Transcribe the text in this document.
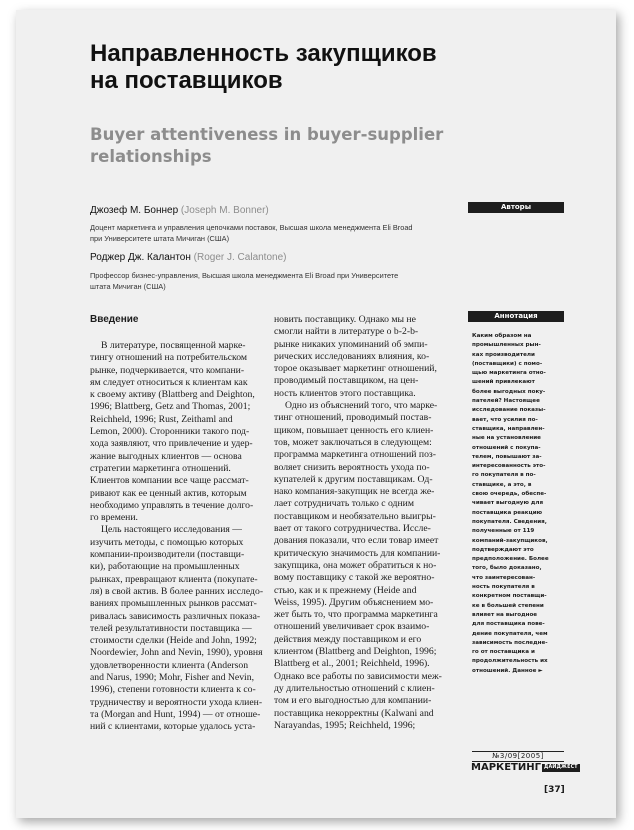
Направленность закупщиков
на поставщиков
Buyer attentiveness in buyer-supplier
relationships
Авторы
Джозеф М. Боннер (Joseph M. Bonner)
Доцент маркетинга и управления цепочками поставок, Высшая школа менеджмента Eli Broad
при Университете штата Мичиган (США)
Роджер Дж. Калантон (Roger J. Calantone)
Профессор бизнес-управления, Высшая школа менеджмента Eli Broad при Университете
штата Мичиган (США)
Введение
В литературе, посвященной марке-
тингу отношений на потребительском
рынке, подчеркивается, что компани-
ям следует относиться к клиентам как
к своему активу (Blattberg and Deighton,
1996; Blattberg, Getz and Thomas, 2001;
Reichheld, 1996; Rust, Zeithaml and
Lemon, 2000). Сторонники такого под-
хода заявляют, что привлечение и удер-
жание выгодных клиентов — основа
стратегии маркетинга отношений.
Клиентов компании все чаще рассмат-
ривают как ее ценный актив, которым
необходимо управлять в течение долго-
го времени.
Цель настоящего исследования —
изучить методы, с помощью которых
компании-производители (поставщи-
ки), работающие на промышленных
рынках, превращают клиента (покупате-
ля) в свой актив. В более ранних исследо-
ваниях промышленных рынков рассмат-
ривалась зависимость различных показа-
телей результативности поставщика —
стоимости сделки (Heide and John, 1992;
Noordewier, John and Nevin, 1990), уровня
удовлетворенности клиента (Anderson
and Narus, 1990; Mohr, Fisher and Nevin,
1996), степени готовности клиента к со-
трудничеству и вероятности ухода клиен-
та (Morgan and Hunt, 1994) — от отноше-
ний с клиентами, которые удалось уста-
новить поставщику. Однако мы не
смогли найти в литературе о b-2-b-
рынке никаких упоминаний об эмпи-
рических исследованиях влияния, ко-
торое оказывает маркетинг отношений,
проводимый поставщиком, на цен-
ность клиентов этого поставщика.
Одно из объяснений того, что марке-
тинг отношений, проводимый постав-
щиком, повышает ценность его клиен-
тов, может заключаться в следующем:
программа маркетинга отношений поз-
воляет снизить вероятность ухода по-
купателей к другим поставщикам. Од-
нако компания-закупщик не всегда же-
лает сотрудничать только с одним
поставщиком и необязательно выигры-
вает от такого сотрудничества. Иссле-
дования показали, что если товар имеет
критическую значимость для компании-
закупщика, она может обратиться к но-
вому поставщику с такой же вероятно-
стью, как и к прежнему (Heide and
Weiss, 1995). Другим объяснением мо-
жет быть то, что программа маркетинга
отношений увеличивает срок взаимо-
действия между поставщиком и его
клиентом (Blattberg and Deighton, 1996;
Blattberg et al., 2001; Reichheld, 1996).
Однако все работы по зависимости меж-
ду длительностью отношений с клиен-
том и его выгодностью для компании-
поставщика некорректны (Kalwani and
Narayandas, 1995; Reichheld, 1996;
Аннотация
Каким образом на
промышленных рын-
ках производители
(поставщики) с помо-
щью маркетинга отно-
шений привлекают
более выгодных поку-
пателей? Настоящее
исследование показы-
вает, что усилия по-
ставщика, направлен-
ные на установление
отношений с покупа-
телем, повышают за-
интересованность это-
го покупателя в по-
ставщике, а это, в
свою очередь, обеспе-
чивает выгодную для
поставщика реакцию
покупателя. Сведения,
полученные от 119
компаний-закупщиков,
подтверждают это
предположение. Более
того, было доказано,
что заинтересован-
ность покупателя в
конкретном поставщи-
ке в большей степени
влияет на выгодное
для поставщика пове-
дение покупателя, чем
зависимость последне-
го от поставщика и
продолжительность их
отношений. Данное ►
№3/09[2005]
МАРКЕТИНГ ДАЙДЖЕСТ
[37]
